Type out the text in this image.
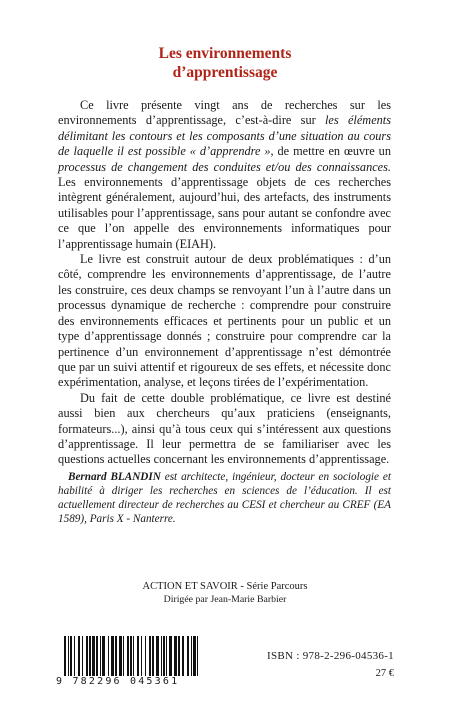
Les environnements
d’apprentissage

Ce livre présente vingt ans de recherches sur les environnements d’apprentissage, c’est-à-dire sur les éléments délimitant les contours et les composants d’une situation au cours de laquelle il est possible « d’apprendre », de mettre en œuvre un processus de changement des conduites et/ou des connaissances. Les environnements d’apprentissage objets de ces recherches intègrent généralement, aujourd’hui, des artefacts, des instruments utilisables pour l’apprentissage, sans pour autant se confondre avec ce que l’on appelle des environnements informatiques pour l’apprentissage humain (EIAH).

Le livre est construit autour de deux problématiques : d’un côté, comprendre les environnements d’apprentissage, de l’autre les construire, ces deux champs se renvoyant l’un à l’autre dans un processus dynamique de recherche : comprendre pour construire des environnements efficaces et pertinents pour un public et un type d’apprentissage donnés ; construire pour comprendre car la pertinence d’un environnement d’apprentissage n’est démontrée que par un suivi attentif et rigoureux de ses effets, et nécessite donc expérimentation, analyse, et leçons tirées de l’expérimentation.

Du fait de cette double problématique, ce livre est destiné aussi bien aux chercheurs qu’aux praticiens (enseignants, formateurs...), ainsi qu’à tous ceux qui s’intéressent aux questions d’apprentissage. Il leur permettra de se familiariser avec les questions actuelles concernant les environnements d’apprentissage.

Bernard BLANDIN est architecte, ingénieur, docteur en sociologie et habilité à diriger les recherches en sciences de l’éducation. Il est actuellement directeur de recherches au CESI et chercheur au CREF (EA 1589), Paris X - Nanterre.
ACTION ET SAVOIR - Série Parcours
Dirigée par Jean-Marie Barbier
9 782296 045361
ISBN : 978-2-296-04536-1
27 €
